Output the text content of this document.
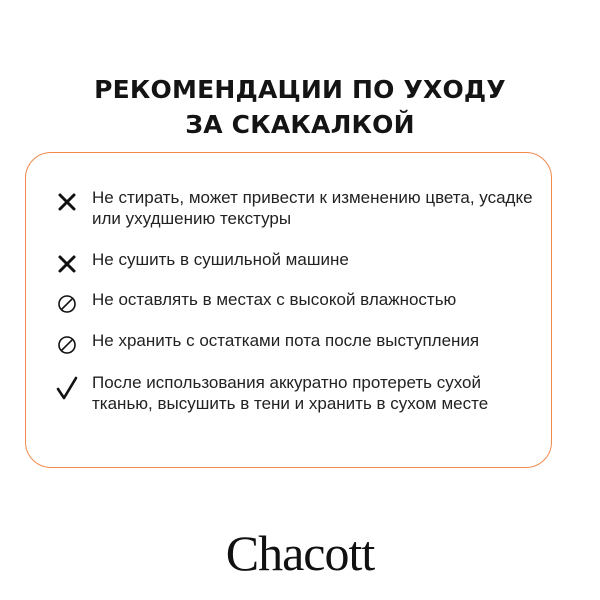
РЕКОМЕНДАЦИИ ПО УХОДУ
ЗА СКАКАЛКОЙ
Не стирать, может привести к изменению цвета, усадке или ухудшению текстуры
Не сушить в сушильной машине
Не оставлять в местах с высокой влажностью
Не хранить с остатками пота после выступления
После использования аккуратно протереть сухой тканью, высушить в тени и хранить в сухом месте
Chacott
